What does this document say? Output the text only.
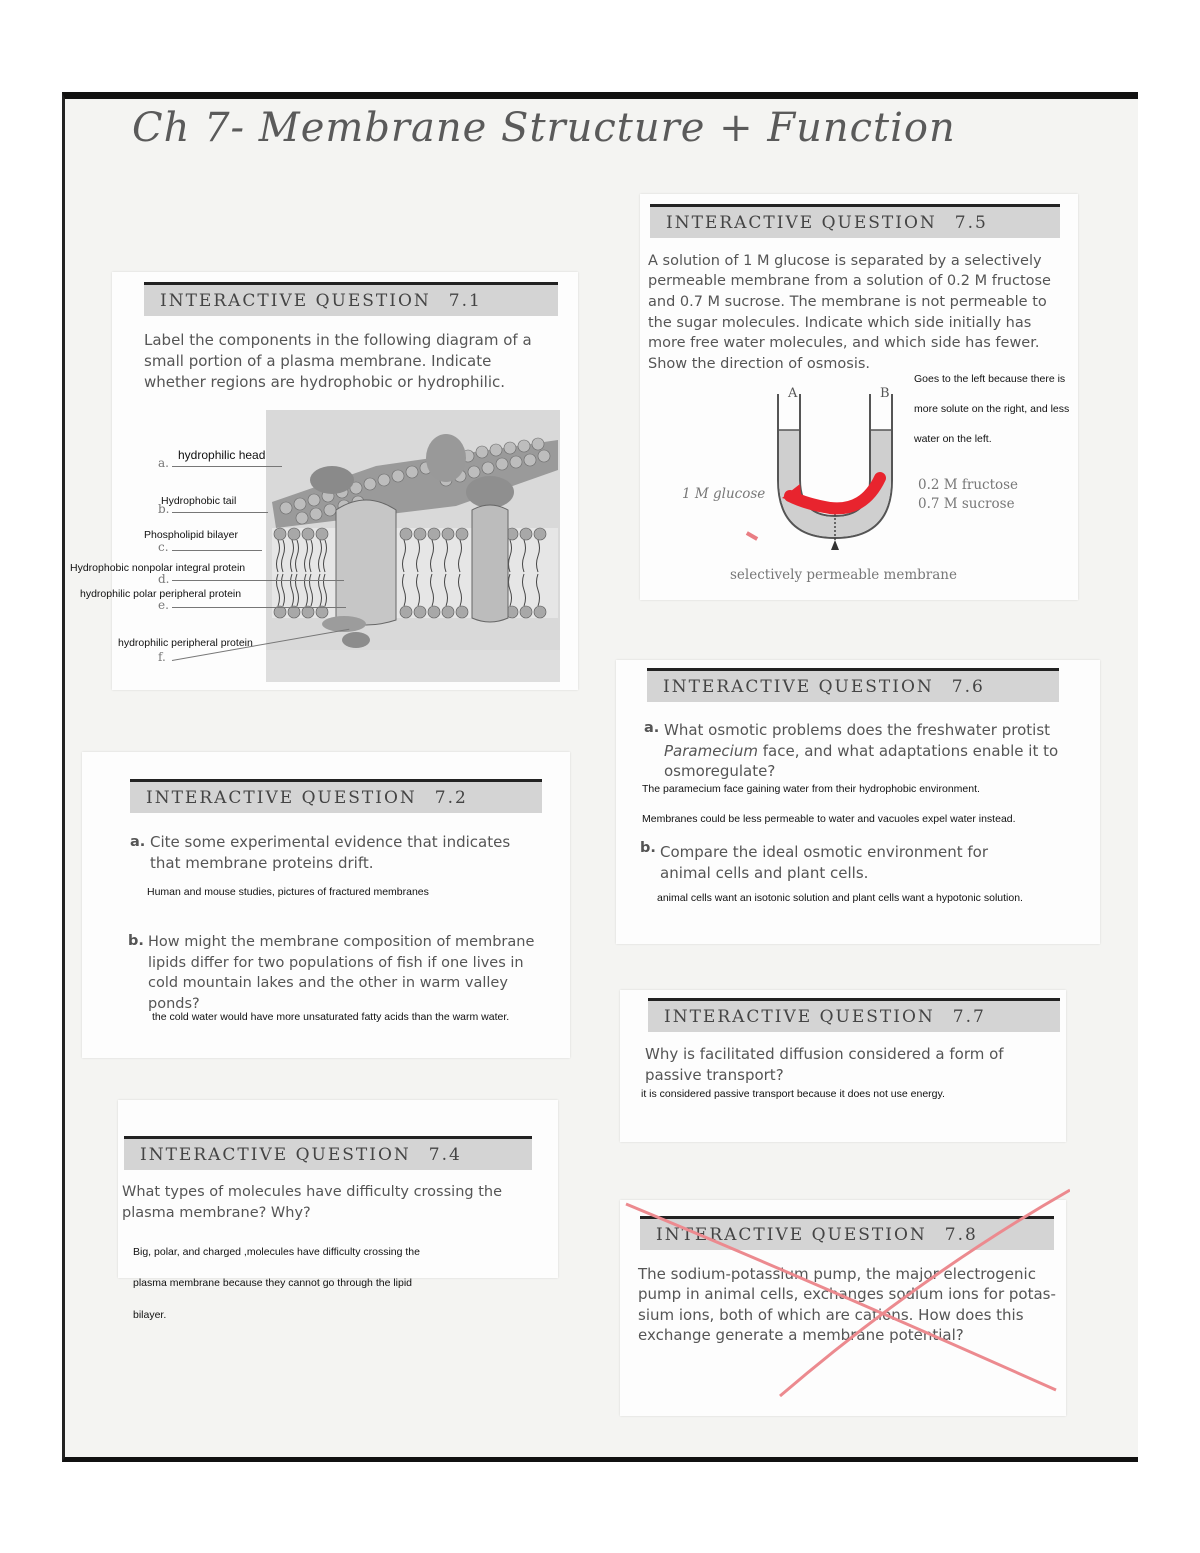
Ch 7- Membrane Structure + Function
INTERACTIVE QUESTION 7.1
Label the components in the following diagram of a small portion of a plasma membrane. Indicate whether regions are hydrophobic or hydrophilic.
a.
hydrophilic head
b.
Hydrophobic tail
c.
Phospholipid bilayer
d.
Hydrophobic nonpolar integral protein
e.
hydrophilic polar peripheral protein
f.
hydrophilic peripheral protein
INTERACTIVE QUESTION 7.2
a. Cite some experimental evidence that indicates that membrane proteins drift.
Human and mouse studies, pictures of fractured membranes
b. How might the membrane composition of membrane lipids differ for two populations of fish if one lives in cold mountain lakes and the other in warm valley ponds?
the cold water would have more unsaturated fatty acids than the warm water.
INTERACTIVE QUESTION 7.4
What types of molecules have difficulty crossing the plasma membrane? Why?
Big, polar, and charged ,molecules have difficulty crossing the
plasma membrane because they cannot go through the lipid
bilayer.
INTERACTIVE QUESTION 7.5
A solution of 1 M glucose is separated by a selectively
permeable membrane from a solution of 0.2 M fructose
and 0.7 M sucrose. The membrane is not permeable to
the sugar molecules. Indicate which side initially has
more free water molecules, and which side has fewer.
Show the direction of osmosis.
Goes to the left because there is
more solute on the right, and less
water on the left.
A	B
1 M glucose
0.2 M fructose
0.7 M sucrose
selectively permeable membrane
INTERACTIVE QUESTION 7.6
a. What osmotic problems does the freshwater protist
Paramecium face, and what adaptations enable it to
osmoregulate?
The paramecium face gaining water from their hydrophobic environment.
Membranes could be less permeable to water and vacuoles expel water instead.
b. Compare the ideal osmotic environment for animal cells and plant cells.
animal cells want an isotonic solution and plant cells want a hypotonic solution.
INTERACTIVE QUESTION 7.7
Why is facilitated diffusion considered a form of passive transport?
it is considered passive transport because it does not use energy.
INTERACTIVE QUESTION 7.8
The sodium-potassium pump, the major electrogenic
pump in animal cells, exchanges sodium ions for potas-
sium ions, both of which are cations. How does this
exchange generate a membrane potential?
